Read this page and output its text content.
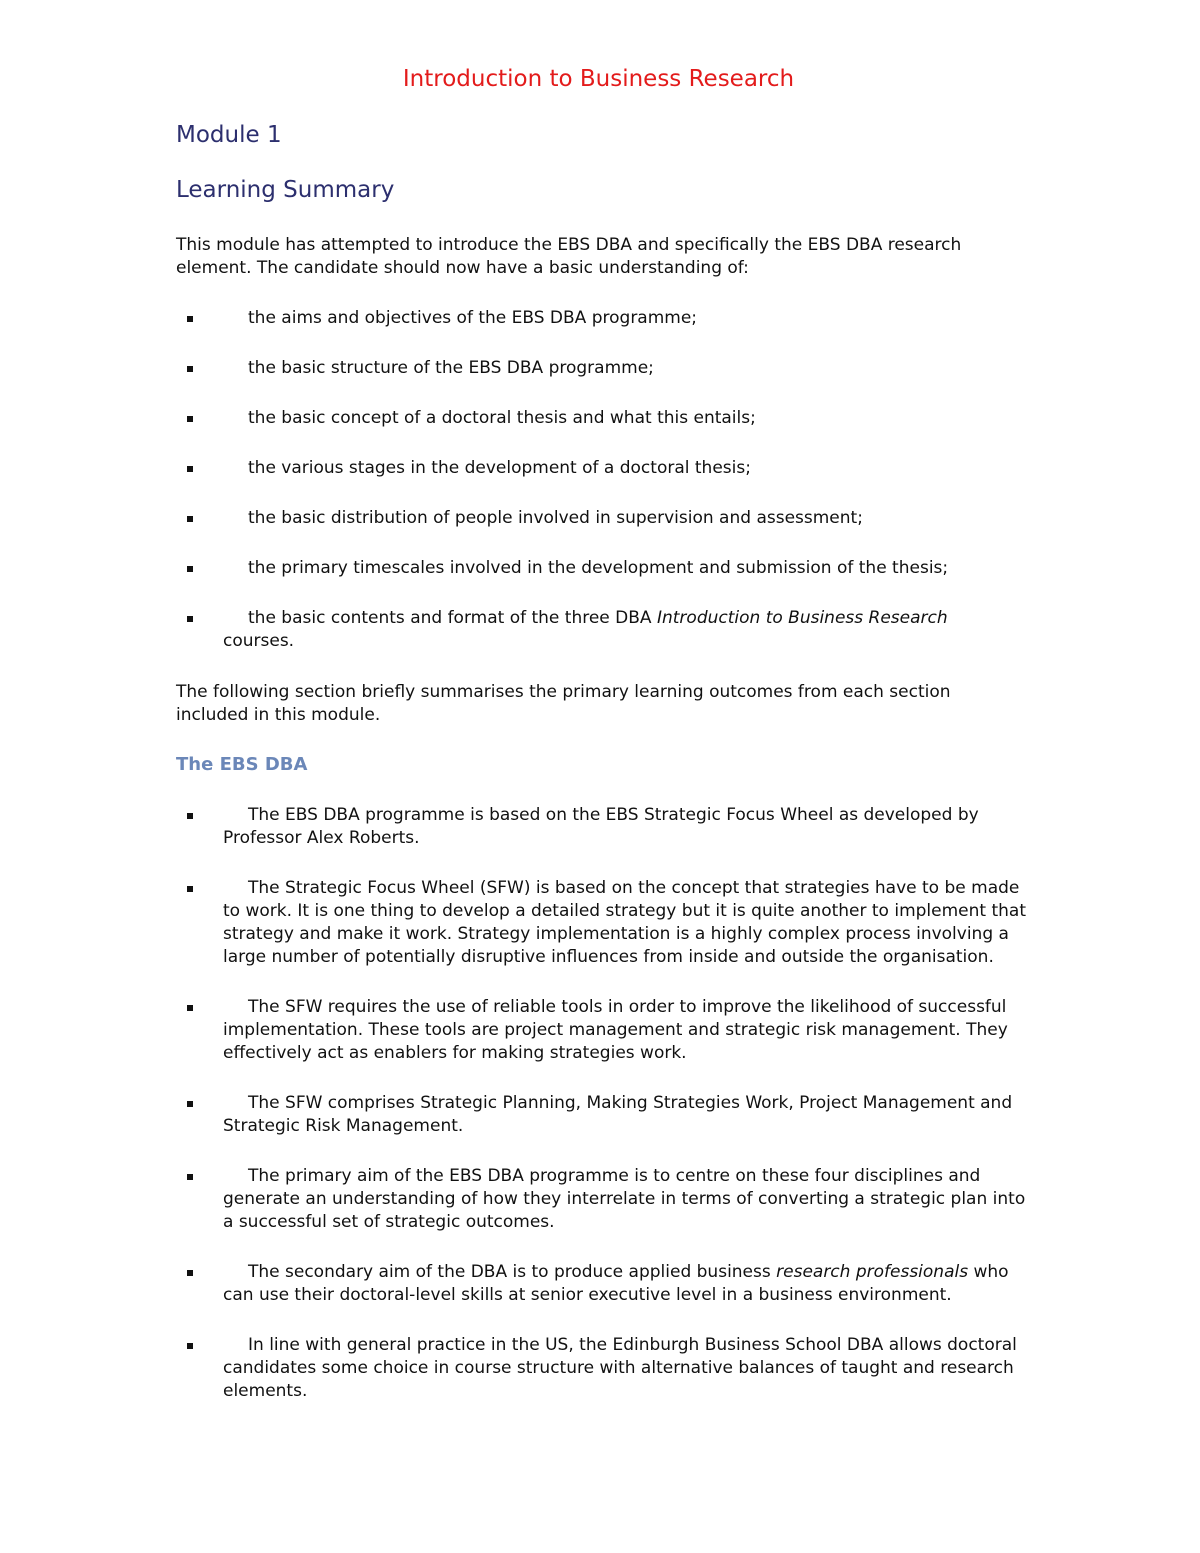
Introduction to Business Research
Module 1
Learning Summary

This module has attempted to introduce the EBS DBA and specifically the EBS DBA research element. The candidate should now have a basic understanding of:

the aims and objectives of the EBS DBA programme;
the basic structure of the EBS DBA programme;
the basic concept of a doctoral thesis and what this entails;
the various stages in the development of a doctoral thesis;
the basic distribution of people involved in supervision and assessment;
the primary timescales involved in the development and submission of the thesis;
the basic contents and format of the three DBA Introduction to Business Research
courses.

The following section briefly summarises the primary learning outcomes from each section included in this module.

The EBS DBA
The EBS DBA programme is based on the EBS Strategic Focus Wheel as developed by Professor Alex Roberts.
The Strategic Focus Wheel (SFW) is based on the concept that strategies have to be made to work. It is one thing to develop a detailed strategy but it is quite another to implement that strategy and make it work. Strategy implementation is a highly complex process involving a large number of potentially disruptive influences from inside and outside the organisation.
The SFW requires the use of reliable tools in order to improve the likelihood of successful implementation. These tools are project management and strategic risk management. They effectively act as enablers for making strategies work.
The SFW comprises Strategic Planning, Making Strategies Work, Project Management and Strategic Risk Management.
The primary aim of the EBS DBA programme is to centre on these four disciplines and generate an understanding of how they interrelate in terms of converting a strategic plan into a successful set of strategic outcomes.
The secondary aim of the DBA is to produce applied business research professionals who can use their doctoral-level skills at senior executive level in a business environment.
In line with general practice in the US, the Edinburgh Business School DBA allows doctoral candidates some choice in course structure with alternative balances of taught and research elements.
